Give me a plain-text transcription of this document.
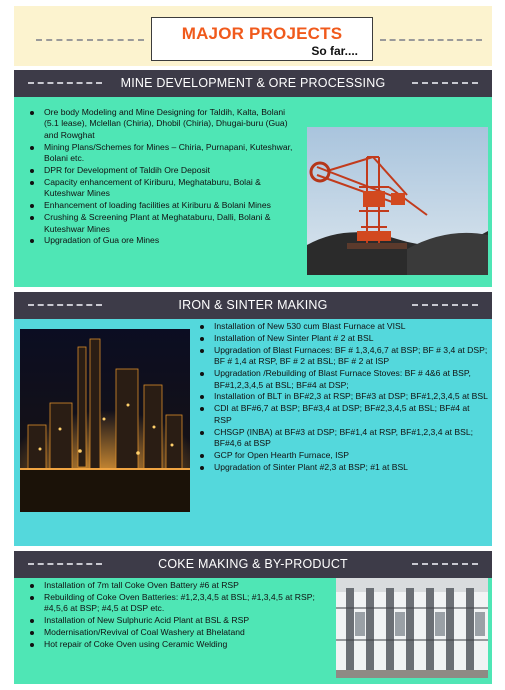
MAJOR PROJECTS
So far....
MINE DEVELOPMENT & ORE PROCESSING
Ore body Modeling and Mine Designing for Taldih, Kalta, Bolani (5.1 lease), Mclellan (Chiria), Dhobil (Chiria), Dhugai-buru (Gua) and Rowghat
Mining Plans/Schemes for Mines – Chiria, Purnapani, Kuteshwar, Bolani etc.
DPR for Development of Taldih Ore Deposit
Capacity enhancement of Kiriburu, Meghataburu, Bolai & Kuteshwar Mines
Enhancement of loading facilities at Kiriburu & Bolani Mines
Crushing & Screening Plant at Meghataburu, Dalli, Bolani & Kuteshwar Mines
Upgradation of Gua ore Mines
IRON & SINTER MAKING
Installation of New 530 cum Blast Furnace at VISL
Installation of New Sinter Plant # 2 at BSL
Upgradation of Blast Furnaces: BF # 1,3,4,6,7 at BSP; BF # 3,4 at DSP; BF # 1,4 at RSP, BF # 2 at BSL; BF # 2 at ISP
Upgradation /Rebuilding of Blast Furnace Stoves: BF # 4&6 at BSP, BF#1,2,3,4,5 at BSL; BF#4 at DSP;
Installation of BLT in BF#2,3 at RSP; BF#3 at DSP; BF#1,2,3,4,5 at BSL
CDI at BF#6,7 at BSP; BF#3,4 at DSP; BF#2,3,4,5 at BSL; BF#4 at RSP
CHSGP (INBA) at BF#3 at DSP; BF#1,4 at RSP, BF#1,2,3,4 at BSL; BF#4,6 at BSP
GCP for Open Hearth Furnace, ISP
Upgradation of Sinter Plant #2,3 at BSP; #1 at BSL
COKE MAKING & BY-PRODUCT
Installation of 7m tall Coke Oven Battery #6 at RSP
Rebuilding of Coke Oven Batteries: #1,2,3,4,5 at BSL; #1,3,4,5 at RSP; #4,5,6 at BSP; #4,5 at DSP etc.
Installation of New Sulphuric Acid Plant at BSL & RSP
Modernisation/Revival of Coal Washery at Bhelatand
Hot repair of Coke Oven using Ceramic Welding
